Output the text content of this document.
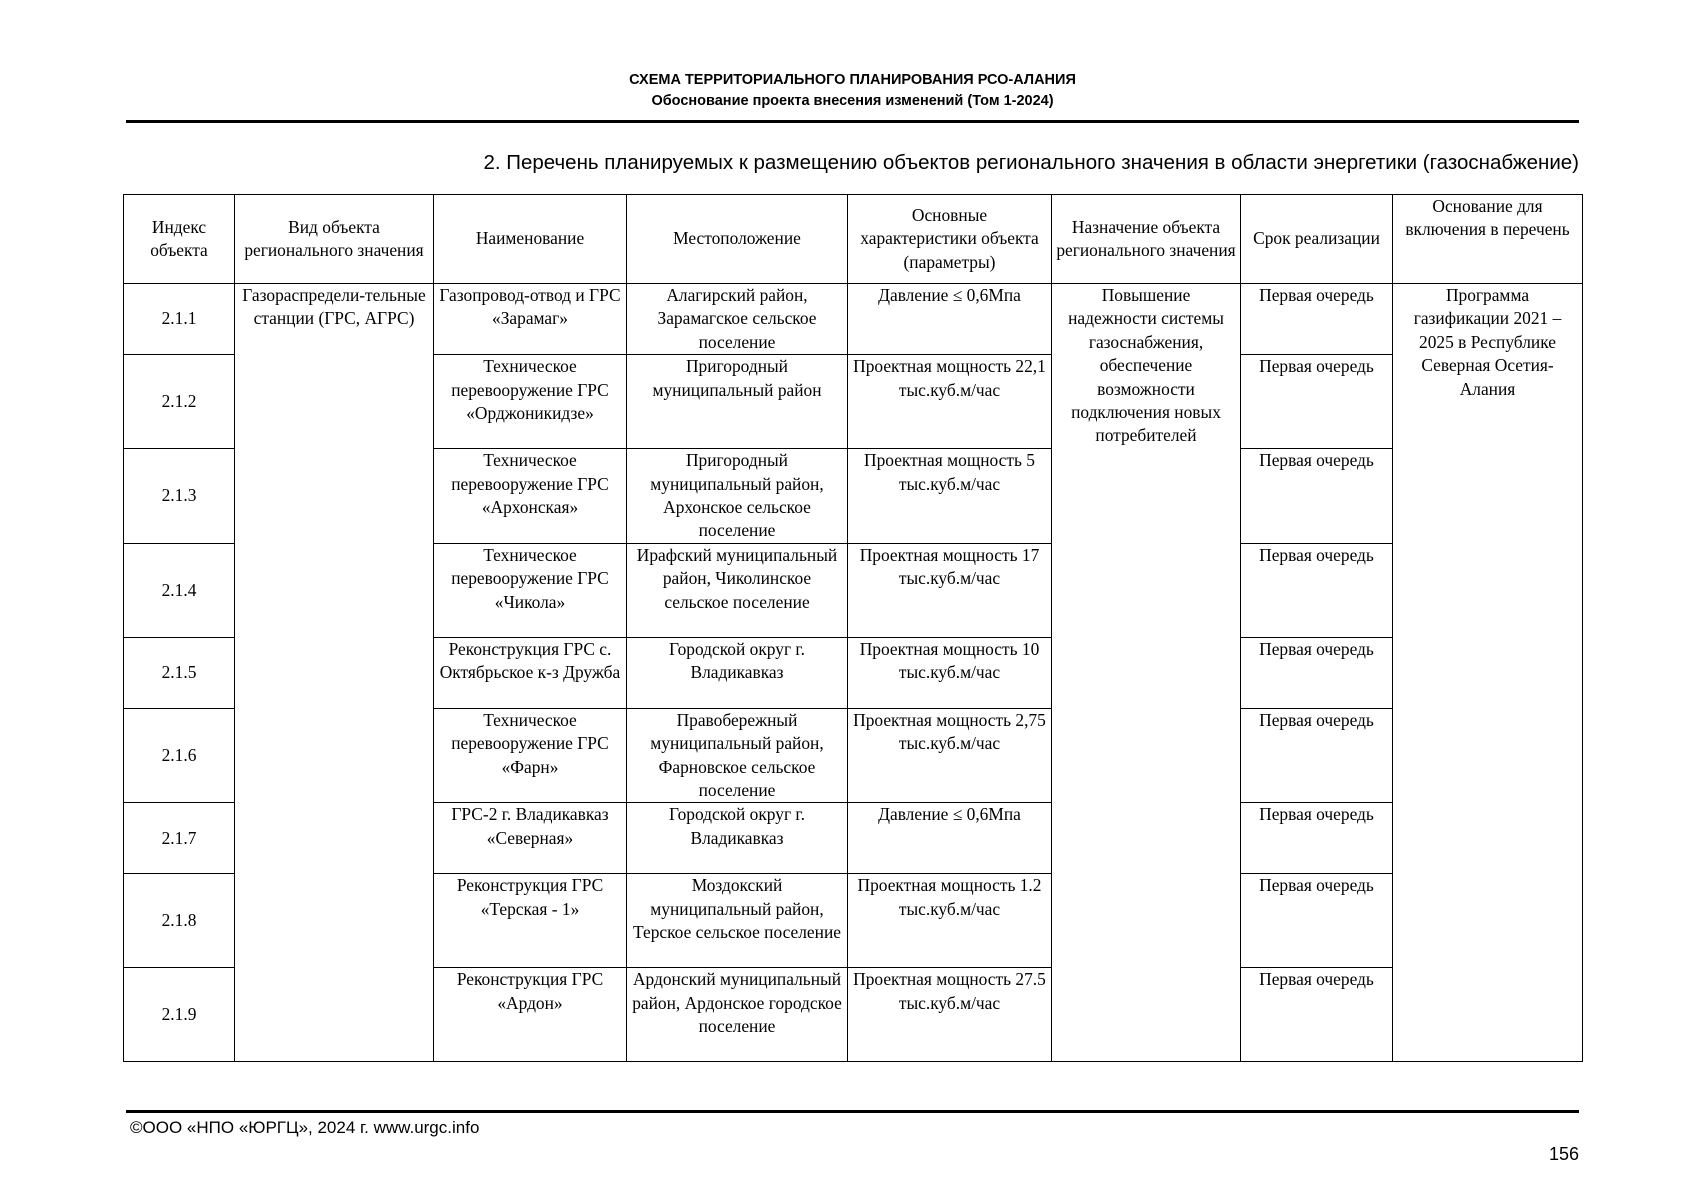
СХЕМА ТЕРРИТОРИАЛЬНОГО ПЛАНИРОВАНИЯ РСО-АЛАНИЯ
Обоснование проекта внесения изменений (Том 1-2024)
2. Перечень планируемых к размещению объектов регионального значения в области энергетики (газоснабжение)
Индекс объекта	Вид объекта регионального значения	Наименование	Местоположение	Основные характеристики объекта (параметры)	Назначение объекта регионального значения	Срок реализации	Основание для включения в перечень
2.1.1	Газораспредели-тельные станции (ГРС, АГРС)	Газопровод-отвод и ГРС «Зарамаг»	Алагирский район, Зарамагское сельское поселение	Давление ≤ 0,6Мпа	Повышение надежности системы газоснабжения, обеспечение возможности подключения новых потребителей	Первая очередь	Программа газификации 2021 – 2025 в Республике Северная Осетия-Алания
2.1.2		Техническое перевооружение ГРС «Орджоникидзе»	Пригородный муниципальный район	Проектная мощность 22,1 тыс.куб.м/час		Первая очередь	
2.1.3		Техническое перевооружение ГРС «Архонская»	Пригородный муниципальный район, Архонское сельское поселение	Проектная мощность 5 тыс.куб.м/час		Первая очередь	
2.1.4		Техническое перевооружение ГРС «Чикола»	Ирафский муниципальный район, Чиколинское сельское поселение	Проектная мощность 17 тыс.куб.м/час		Первая очередь	
2.1.5		Реконструкция ГРС с. Октябрьское к-з Дружба	Городской округ г. Владикавказ	Проектная мощность 10 тыс.куб.м/час		Первая очередь	
2.1.6		Техническое перевооружение ГРС «Фарн»	Правобережный муниципальный район, Фарновское сельское поселение	Проектная мощность 2,75 тыс.куб.м/час		Первая очередь	
2.1.7		ГРС-2 г. Владикавказ «Северная»	Городской округ г. Владикавказ	Давление ≤ 0,6Мпа		Первая очередь	
2.1.8		Реконструкция ГРС «Терская - 1»	Моздокский муниципальный район, Терское сельское поселение	Проектная мощность 1.2 тыс.куб.м/час		Первая очередь	
2.1.9		Реконструкция ГРС «Ардон»	Ардонский муниципальный район, Ардонское городское поселение	Проектная мощность 27.5 тыс.куб.м/час		Первая очередь	
©ООО «НПО «ЮРГЦ», 2024 г. www.urgc.info
156
